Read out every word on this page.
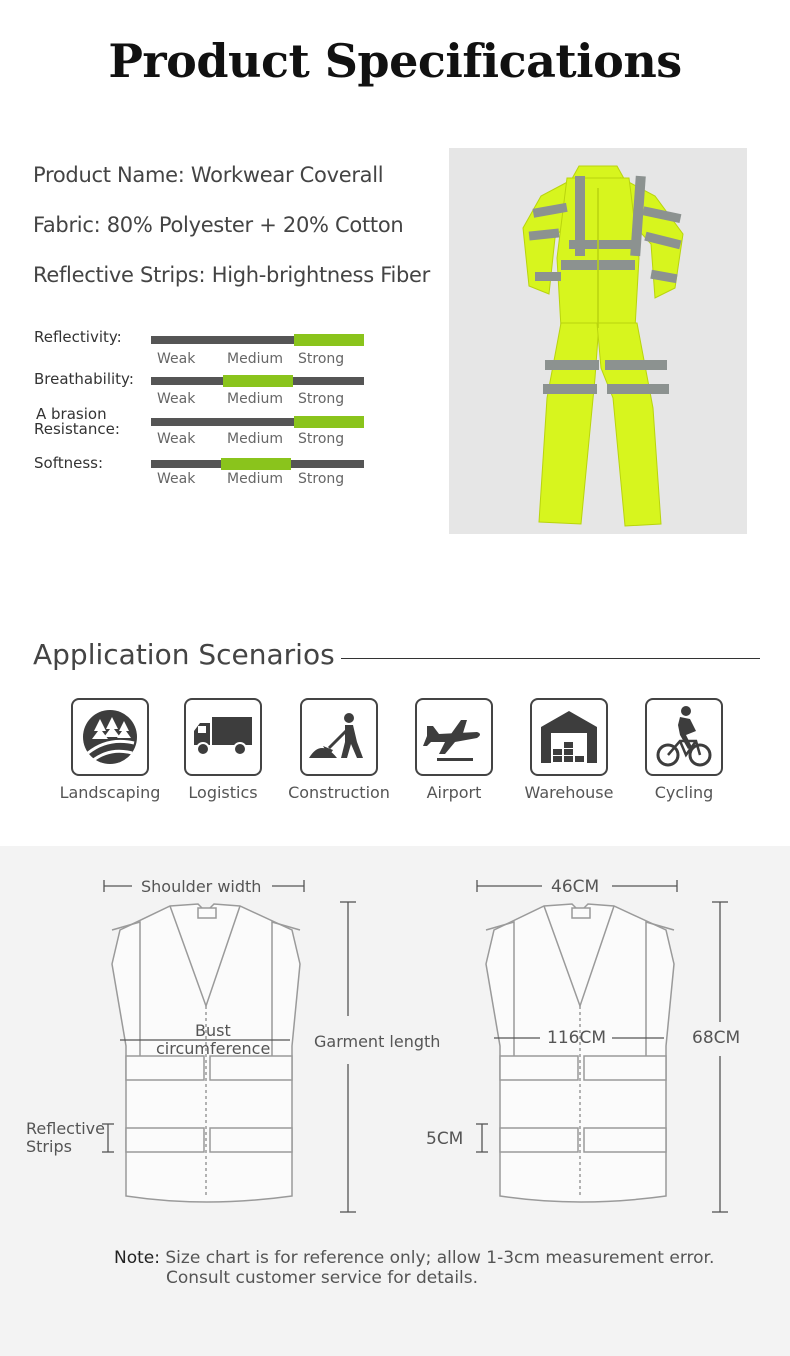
Product Specifications
Product Name: Workwear Coverall
Fabric: 80% Polyester + 20% Cotton
Reflective Strips: High-brightness Fiber
Reflectivity:
Weak Medium Strong
Breathability:
Weak Medium Strong
A brasion
Resistance:
Weak Medium Strong
Softness:
Weak Medium Strong
Application Scenarios
Landscaping	Logistics	Construction	Airport	Warehouse	Cycling
Shoulder width
Bust
circumference	Garment length
Reflective
Strips
46CM
116CM	68CM
5CM
Note: Size chart is for reference only; allow 1-3cm measurement error.
Consult customer service for details.
